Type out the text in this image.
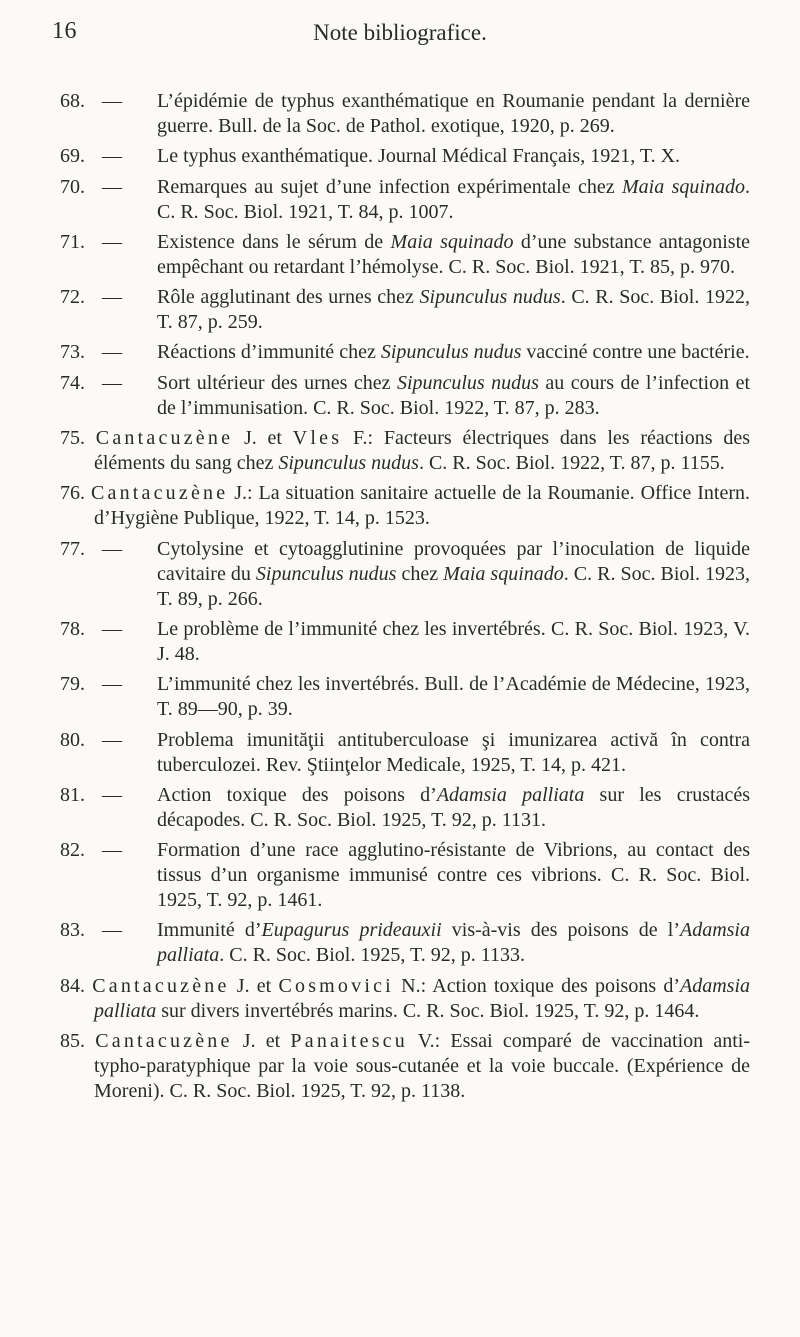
16	Note bibliografice.
68. — L’épidémie de typhus exanthématique en Roumanie pendant la dernière guerre. Bull. de la Soc. de Pathol. exotique, 1920, p. 269.
69. — Le typhus exanthématique. Journal Médical Français, 1921, T. X.
70. — Remarques au sujet d’une infection expérimentale chez Maia squinado. C. R. Soc. Biol. 1921, T. 84, p. 1007.
71. — Existence dans le sérum de Maia squinado d’une substance antagoniste empêchant ou retardant l’hémolyse. C. R. Soc. Biol. 1921, T. 85, p. 970.
72. — Rôle agglutinant des urnes chez Sipunculus nudus. C. R. Soc. Biol. 1922, T. 87, p. 259.
73. — Réactions d’immunité chez Sipunculus nudus vacciné contre une bactérie.
74. — Sort ultérieur des urnes chez Sipunculus nudus au cours de l’infection et de l’immunisation. C. R. Soc. Biol. 1922, T. 87, p. 283.
75. Cantacuzène J. et Vles F.: Facteurs électriques dans les réactions des éléments du sang chez Sipunculus nudus. C. R. Soc. Biol. 1922, T. 87, p. 1155.
76. Cantacuzène J.: La situation sanitaire actuelle de la Roumanie. Office Intern. d’Hygiène Publique, 1922, T. 14, p. 1523.
77. — Cytolysine et cytoagglutinine provoquées par l’inoculation de liquide cavitaire du Sipunculus nudus chez Maia squinado. C. R. Soc. Biol. 1923, T. 89, p. 266.
78. — Le problème de l’immunité chez les invertébrés. C. R. Soc. Biol. 1923, V. J. 48.
79. — L’immunité chez les invertébrés. Bull. de l’Académie de Médecine, 1923, T. 89—90, p. 39.
80. — Problema imunităţii antituberculoase şi imunizarea activă în contra tuberculozei. Rev. Ştiinţelor Medicale, 1925, T. 14, p. 421.
81. — Action toxique des poisons d’Adamsia palliata sur les crustacés décapodes. C. R. Soc. Biol. 1925, T. 92, p. 1131.
82. — Formation d’une race agglutino-résistante de Vibrions, au contact des tissus d’un organisme immunisé contre ces vibrions. C. R. Soc. Biol. 1925, T. 92, p. 1461.
83. — Immunité d’Eupagurus prideauxii vis-à-vis des poisons de l’Adamsia palliata. C. R. Soc. Biol. 1925, T. 92, p. 1133.
84. Cantacuzène J. et Cosmovici N.: Action toxique des poisons d’Adamsia palliata sur divers invertébrés marins. C. R. Soc. Biol. 1925, T. 92, p. 1464.
85. Cantacuzène J. et Panaitescu V.: Essai comparé de vaccination anti-typho-paratyphique par la voie sous-cutanée et la voie buccale. (Expérience de Moreni). C. R. Soc. Biol. 1925, T. 92, p. 1138.
